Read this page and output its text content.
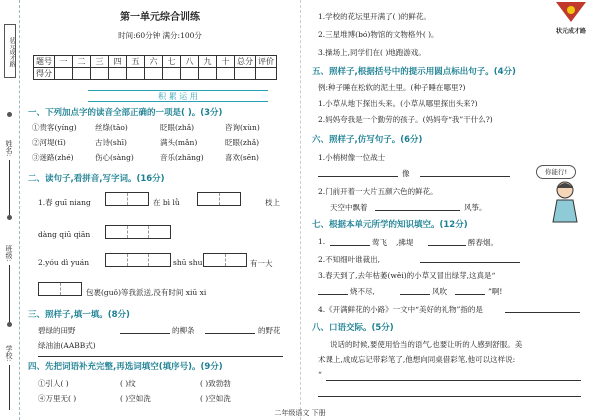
状元成才路
姓名:
班级:
学校:
第一单元综合训练
时间:60分钟 满分:100分
题号	一	二	三	四	五	六	七	八	九	十	总分	评价
得分												
积 累 运 用
一、下列加点字的读音全部正确的一项是( )。(3分)
①贵客(yíng) 丝绦(tāo)	眨眼(zhǎ)	咨询(xùn)
②河堤(tī)	古诗(shī)	满头(mǎn)	眨眼(zhǎ)
③迷路(zhé)	伤心(sàng)	音乐(zhāng)	喜欢(sēn)
二、读句子,看拼音,写字词。(16分)
1.春 guī niang	在 bì lǜ	枝上
dàng qiū qiān
2.yóu dì yuán	shū shu	有一大
包裹(guǒ)等我派送,没有时间 xiū xi
三、照样子,填一填。(8分)
碧绿的田野	的柳条	的野花
绿油油(AABB式)
四、先把词语补充完整,再选词填空(填序号)。(9分)
①引人( )	( )纹	( )致勃勃
④万里无( )	( )空如洗	( )空如洗
1.学校的花坛里开满了( )的鲜花。
2.三星堆博(bó)物馆的文物格外( )。
3.操场上,同学们在( )地跑游戏。
五、照样子,根据括号中的提示用圆点标出句子。(4分)
例:种子睡在松软的泥土里。(种子睡在哪里?)
1.小草从地下探出头来。(小草从哪里探出头来?)
2.妈妈夸我是一个勤劳的孩子。(妈妈夸“我”干什么?)
六、照样子,仿写句子。(6分)
1.小梢树像一位战士
像
2.门前开着一大片五颜六色的鲜花。
天空中飘着	风筝。
你能行!
七、根据本单元所学的知识填空。(12分)
1.	莺飞 ,拂堤	醉春烟。
2.不知细叶谁裁出,
3.春天到了,去年枯萎(wěi)的小草又冒出绿芽,这真是“
烧不尽,	风吹	”啊!
4.《开满鲜花的小路》一文中“美好的礼物”指的是
八、口语交际。(5分)
说话的时候,要使用恰当的语气,也要让听的人感到舒服。美
术课上,成成忘记带彩笔了,他想向同桌借彩笔,他可以这样说:
“
二年级语文 下册
状元成才路
